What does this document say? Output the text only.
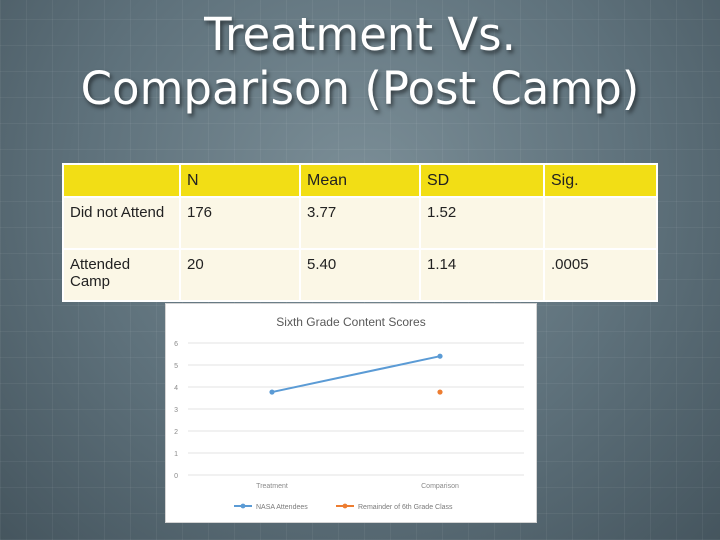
Treatment Vs.
Comparison (Post Camp)
	N	Mean	SD	Sig.
Did not Attend	176	3.77	1.52	
Attended Camp	20	5.40	1.14	.0005
Sixth Grade Content Scores
0
1
2
3
4
5
6
Treatment	Comparison
NASA Attendees	Remainder of 6th Grade Class
